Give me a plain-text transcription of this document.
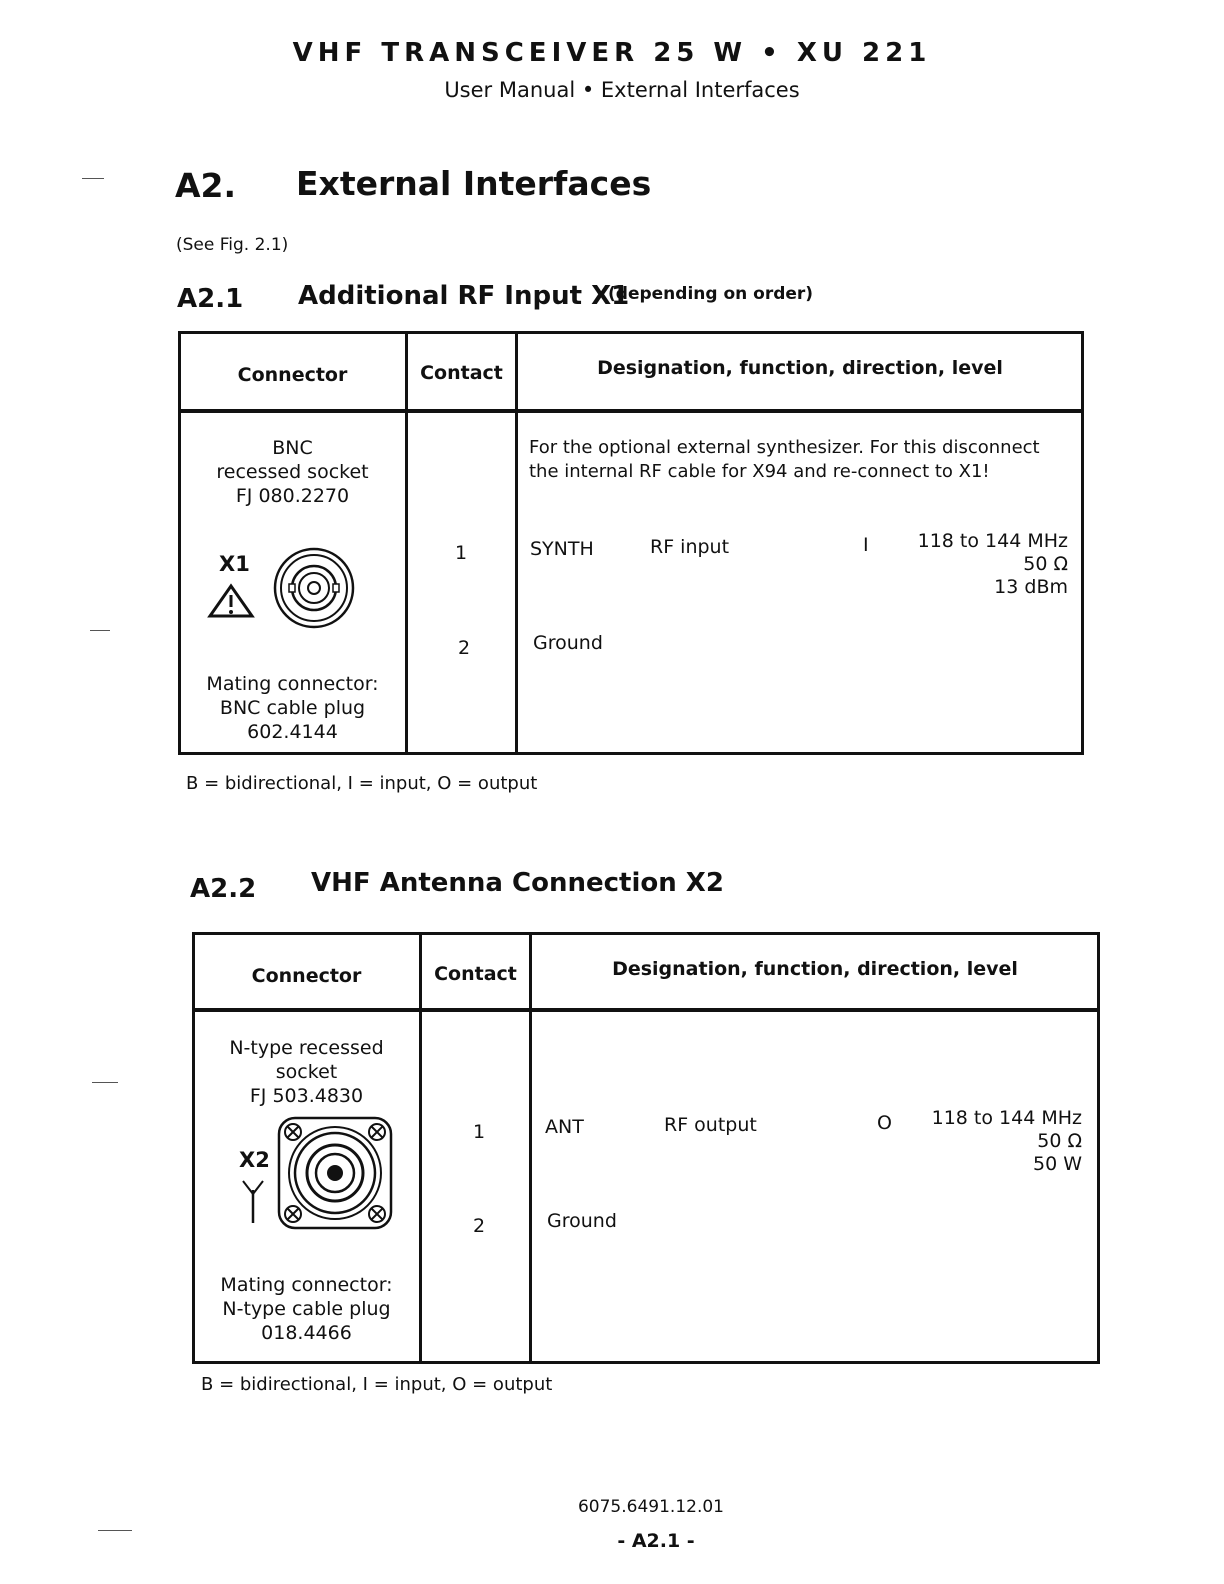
VHF TRANSCEIVER 25 W • XU 221
User Manual • External Interfaces
A2. External Interfaces
(See Fig. 2.1)
A2.1 Additional RF Input X1
(depending on order)
Connector	Contact	Designation, function, direction, level
BNC
recessed socket
FJ 080.2270
X1
Mating connector:
BNC cable plug
602.4144
For the optional external synthesizer. For this disconnect
the internal RF cable for X94 and re-connect to X1!
1	SYNTH	RF input	I	118 to 144 MHz
50 Ω
13 dBm
2	Ground
B = bidirectional, I = input, O = output
A2.2 VHF Antenna Connection X2
Connector	Contact	Designation, function, direction, level
N-type recessed
socket
FJ 503.4830
X2
Mating connector:
N-type cable plug
018.4466
1	ANT	RF output	O	118 to 144 MHz
50 Ω
50 W
2	Ground
B = bidirectional, I = input, O = output
6075.6491.12.01
- A2.1 -
